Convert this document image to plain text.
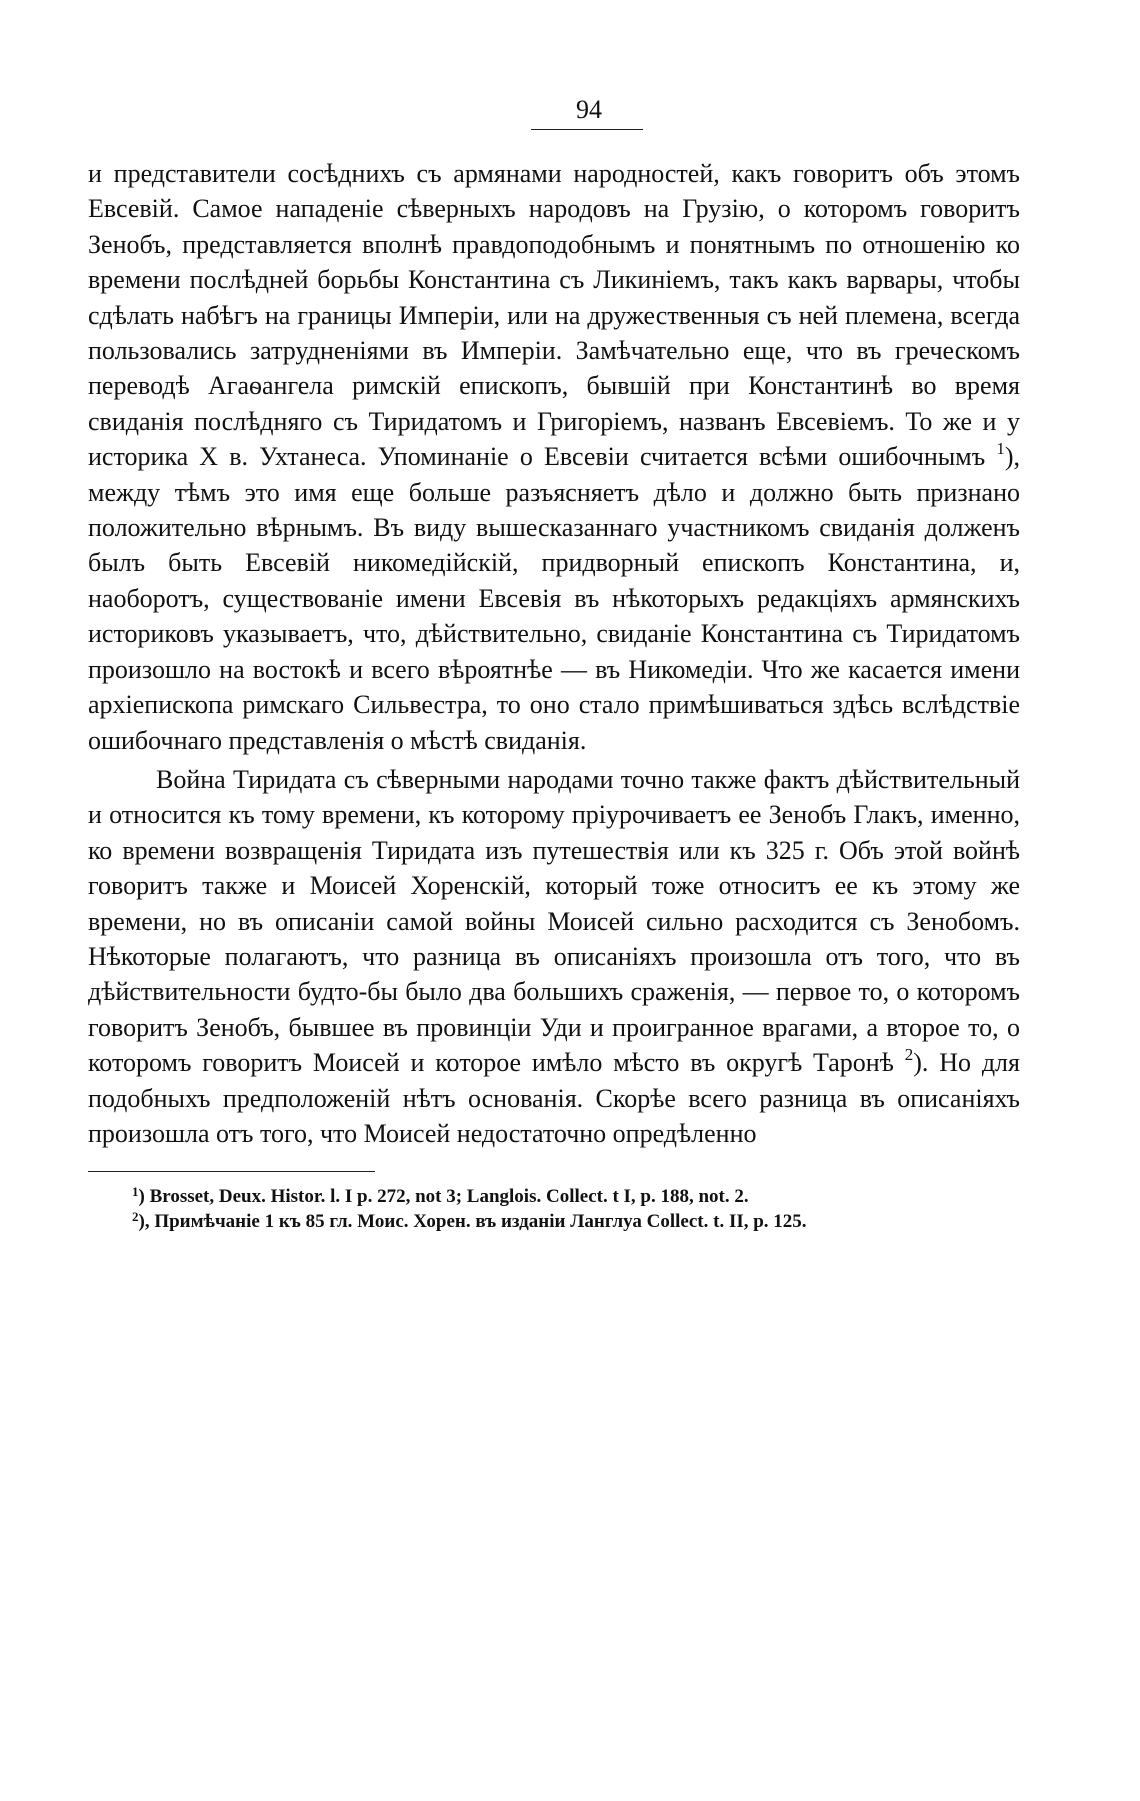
94

и представители сосѣднихъ съ армянами народностей, какъ говоритъ объ этомъ Евсевій. Самое нападеніе сѣверныхъ народовъ на Грузію, о которомъ говоритъ Зенобъ, представляется вполнѣ правдоподобнымъ и понятнымъ по отношенію ко времени послѣдней борьбы Константина съ Ликиніемъ, такъ какъ варвары, чтобы сдѣлать набѣгъ на границы Имперіи, или на дружественныя съ ней племена, всегда пользовались затрудненіями въ Имперіи. Замѣчательно еще, что въ греческомъ переводѣ Агаѳангела римскій епископъ, бывшій при Константинѣ во время свиданія послѣдняго съ Тиридатомъ и Григоріемъ, названъ Евсевіемъ. То же и у историка X в. Ухтанеса. Упоминаніе о Евсевіи считается всѣми ошибочнымъ $^1$), между тѣмъ это имя еще больше разъясняетъ дѣло и должно быть признано положительно вѣрнымъ. Въ виду вышесказаннаго участникомъ свиданія долженъ былъ быть Евсевій никомедійскій, придворный епископъ Константина, и, наоборотъ, существованіе имени Евсевія въ нѣкоторыхъ редакціяхъ армянскихъ историковъ указываетъ, что, дѣйствительно, свиданіе Константина съ Тиридатомъ произошло на востокѣ и всего вѣроятнѣе — въ Никомедіи. Что же касается имени архіепископа римскаго Сильвестра, то оно стало примѣшиваться здѣсь вслѣдствіе ошибочнаго представленія о мѣстѣ свиданія.

Война Тиридата съ сѣверными народами точно также фактъ дѣйствительный и относится къ тому времени, къ которому пріурочиваетъ ее Зенобъ Глакъ, именно, ко времени возвращенія Тиридата изъ путешествія или къ 325 г. Объ этой войнѣ говоритъ также и Моисей Хоренскій, который тоже относитъ ее къ этому же времени, но въ описаніи самой войны Моисей сильно расходится съ Зенобомъ. Нѣкоторые полагаютъ, что разница въ описаніяхъ произошла отъ того, что въ дѣйствительности будто-бы было два большихъ сраженія, — первое то, о которомъ говоритъ Зенобъ, бывшее въ провинціи Уди и проигранное врагами, а второе то, о которомъ говоритъ Моисей и которое имѣло мѣсто въ округѣ Таронѣ $^2$). Но для подобныхъ предположеній нѣтъ основанія. Скорѣе всего разница въ описаніяхъ произошла отъ того, что Моисей недостаточно опредѣленно

$^1$) Brosset, Deux. Histor. l. I p. 272, not 3; Langlois. Collect. t I, p. 188, not. 2.

$^2$), Примѣчаніе 1 къ 85 гл. Моис. Хорен. въ изданіи Ланглуа Collect. t. II, p. 125.
